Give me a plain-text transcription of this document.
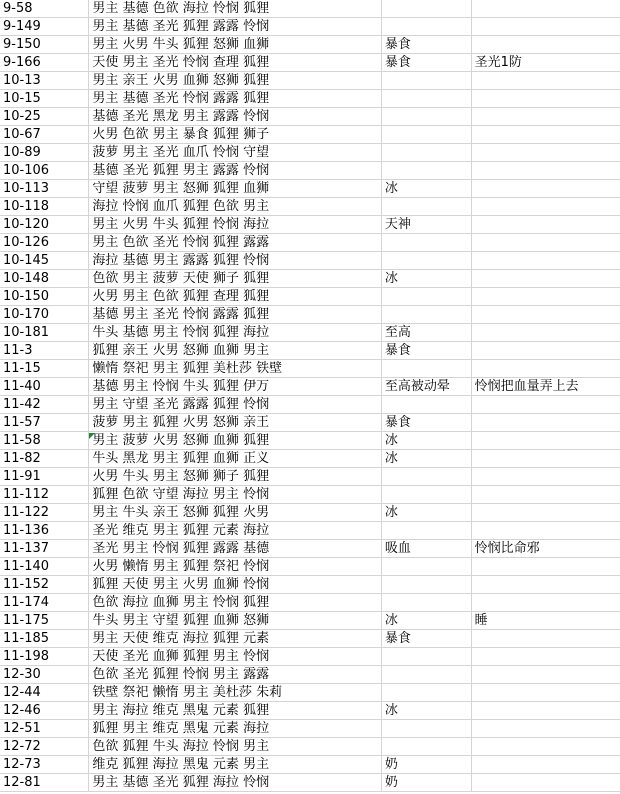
9-58	男主 基德 色欲 海拉 怜悯 狐狸		
9-149	男主 基德 圣光 狐狸 露露 怜悯		
9-150	男主 火男 牛头 狐狸 怒狮 血狮	暴食	
9-166	天使 男主 圣光 怜悯 查理 狐狸	暴食	圣光1防
10-13	男主 亲王 火男 血狮 怒狮 狐狸		
10-15	男主 基德 圣光 怜悯 露露 狐狸		
10-25	基德 圣光 黑龙 男主 露露 怜悯		
10-67	火男 色欲 男主 暴食 狐狸 狮子		
10-89	菠萝 男主 圣光 血爪 怜悯 守望		
10-106	基德 圣光 狐狸 男主 露露 怜悯		
10-113	守望 菠萝 男主 怒狮 狐狸 血狮	冰	
10-118	海拉 怜悯 血爪 狐狸 色欲 男主		
10-120	男主 火男 牛头 狐狸 怜悯 海拉	天神	
10-126	男主 色欲 圣光 怜悯 狐狸 露露		
10-145	海拉 基德 男主 露露 狐狸 怜悯		
10-148	色欲 男主 菠萝 天使 狮子 狐狸	冰	
10-150	火男 男主 色欲 狐狸 查理 狐狸		
10-170	基德 男主 圣光 怜悯 露露 狐狸		
10-181	牛头 基德 男主 怜悯 狐狸 海拉	至高	
11-3	狐狸 亲王 火男 怒狮 血狮 男主	暴食	
11-15	懒惰 祭祀 男主 狐狸 美杜莎 铁壁		
11-40	基德 男主 怜悯 牛头 狐狸 伊万	至高被动晕	怜悯把血量弄上去
11-42	男主 守望 圣光 露露 狐狸 怜悯		
11-57	菠萝 男主 狐狸 火男 怒狮 亲王	暴食	
11-58	男主 菠萝 火男 怒狮 血狮 狐狸	冰	
11-82	牛头 黑龙 男主 狐狸 血狮 正义	冰	
11-91	火男 牛头 男主 怒狮 狮子 狐狸		
11-112	狐狸 色欲 守望 海拉 男主 怜悯		
11-122	男主 牛头 亲王 怒狮 狐狸 火男	冰	
11-136	圣光 维克 男主 狐狸 元素 海拉		
11-137	圣光 男主 怜悯 狐狸 露露 基德	吸血	怜悯比命邪
11-140	火男 懒惰 男主 狐狸 祭祀 怜悯		
11-152	狐狸 天使 男主 火男 血狮 怜悯		
11-174	色欲 海拉 血狮 男主 怜悯 狐狸		
11-175	牛头 男主 守望 狐狸 血狮 怒狮	冰	睡
11-185	男主 天使 维克 海拉 狐狸 元素	暴食	
11-198	天使 圣光 血狮 狐狸 男主 怜悯		
12-30	色欲 圣光 狐狸 怜悯 男主 露露		
12-44	铁壁 祭祀 懒惰 男主 美杜莎 朱莉		
12-46	男主 海拉 维克 黑鬼 元素 狐狸	冰	
12-51	狐狸 男主 维克 黑鬼 元素 海拉		
12-72	色欲 狐狸 牛头 海拉 怜悯 男主		
12-73	维克 狐狸 海拉 黑鬼 元素 男主	奶	
12-81	男主 基德 圣光 狐狸 海拉 怜悯	奶	
